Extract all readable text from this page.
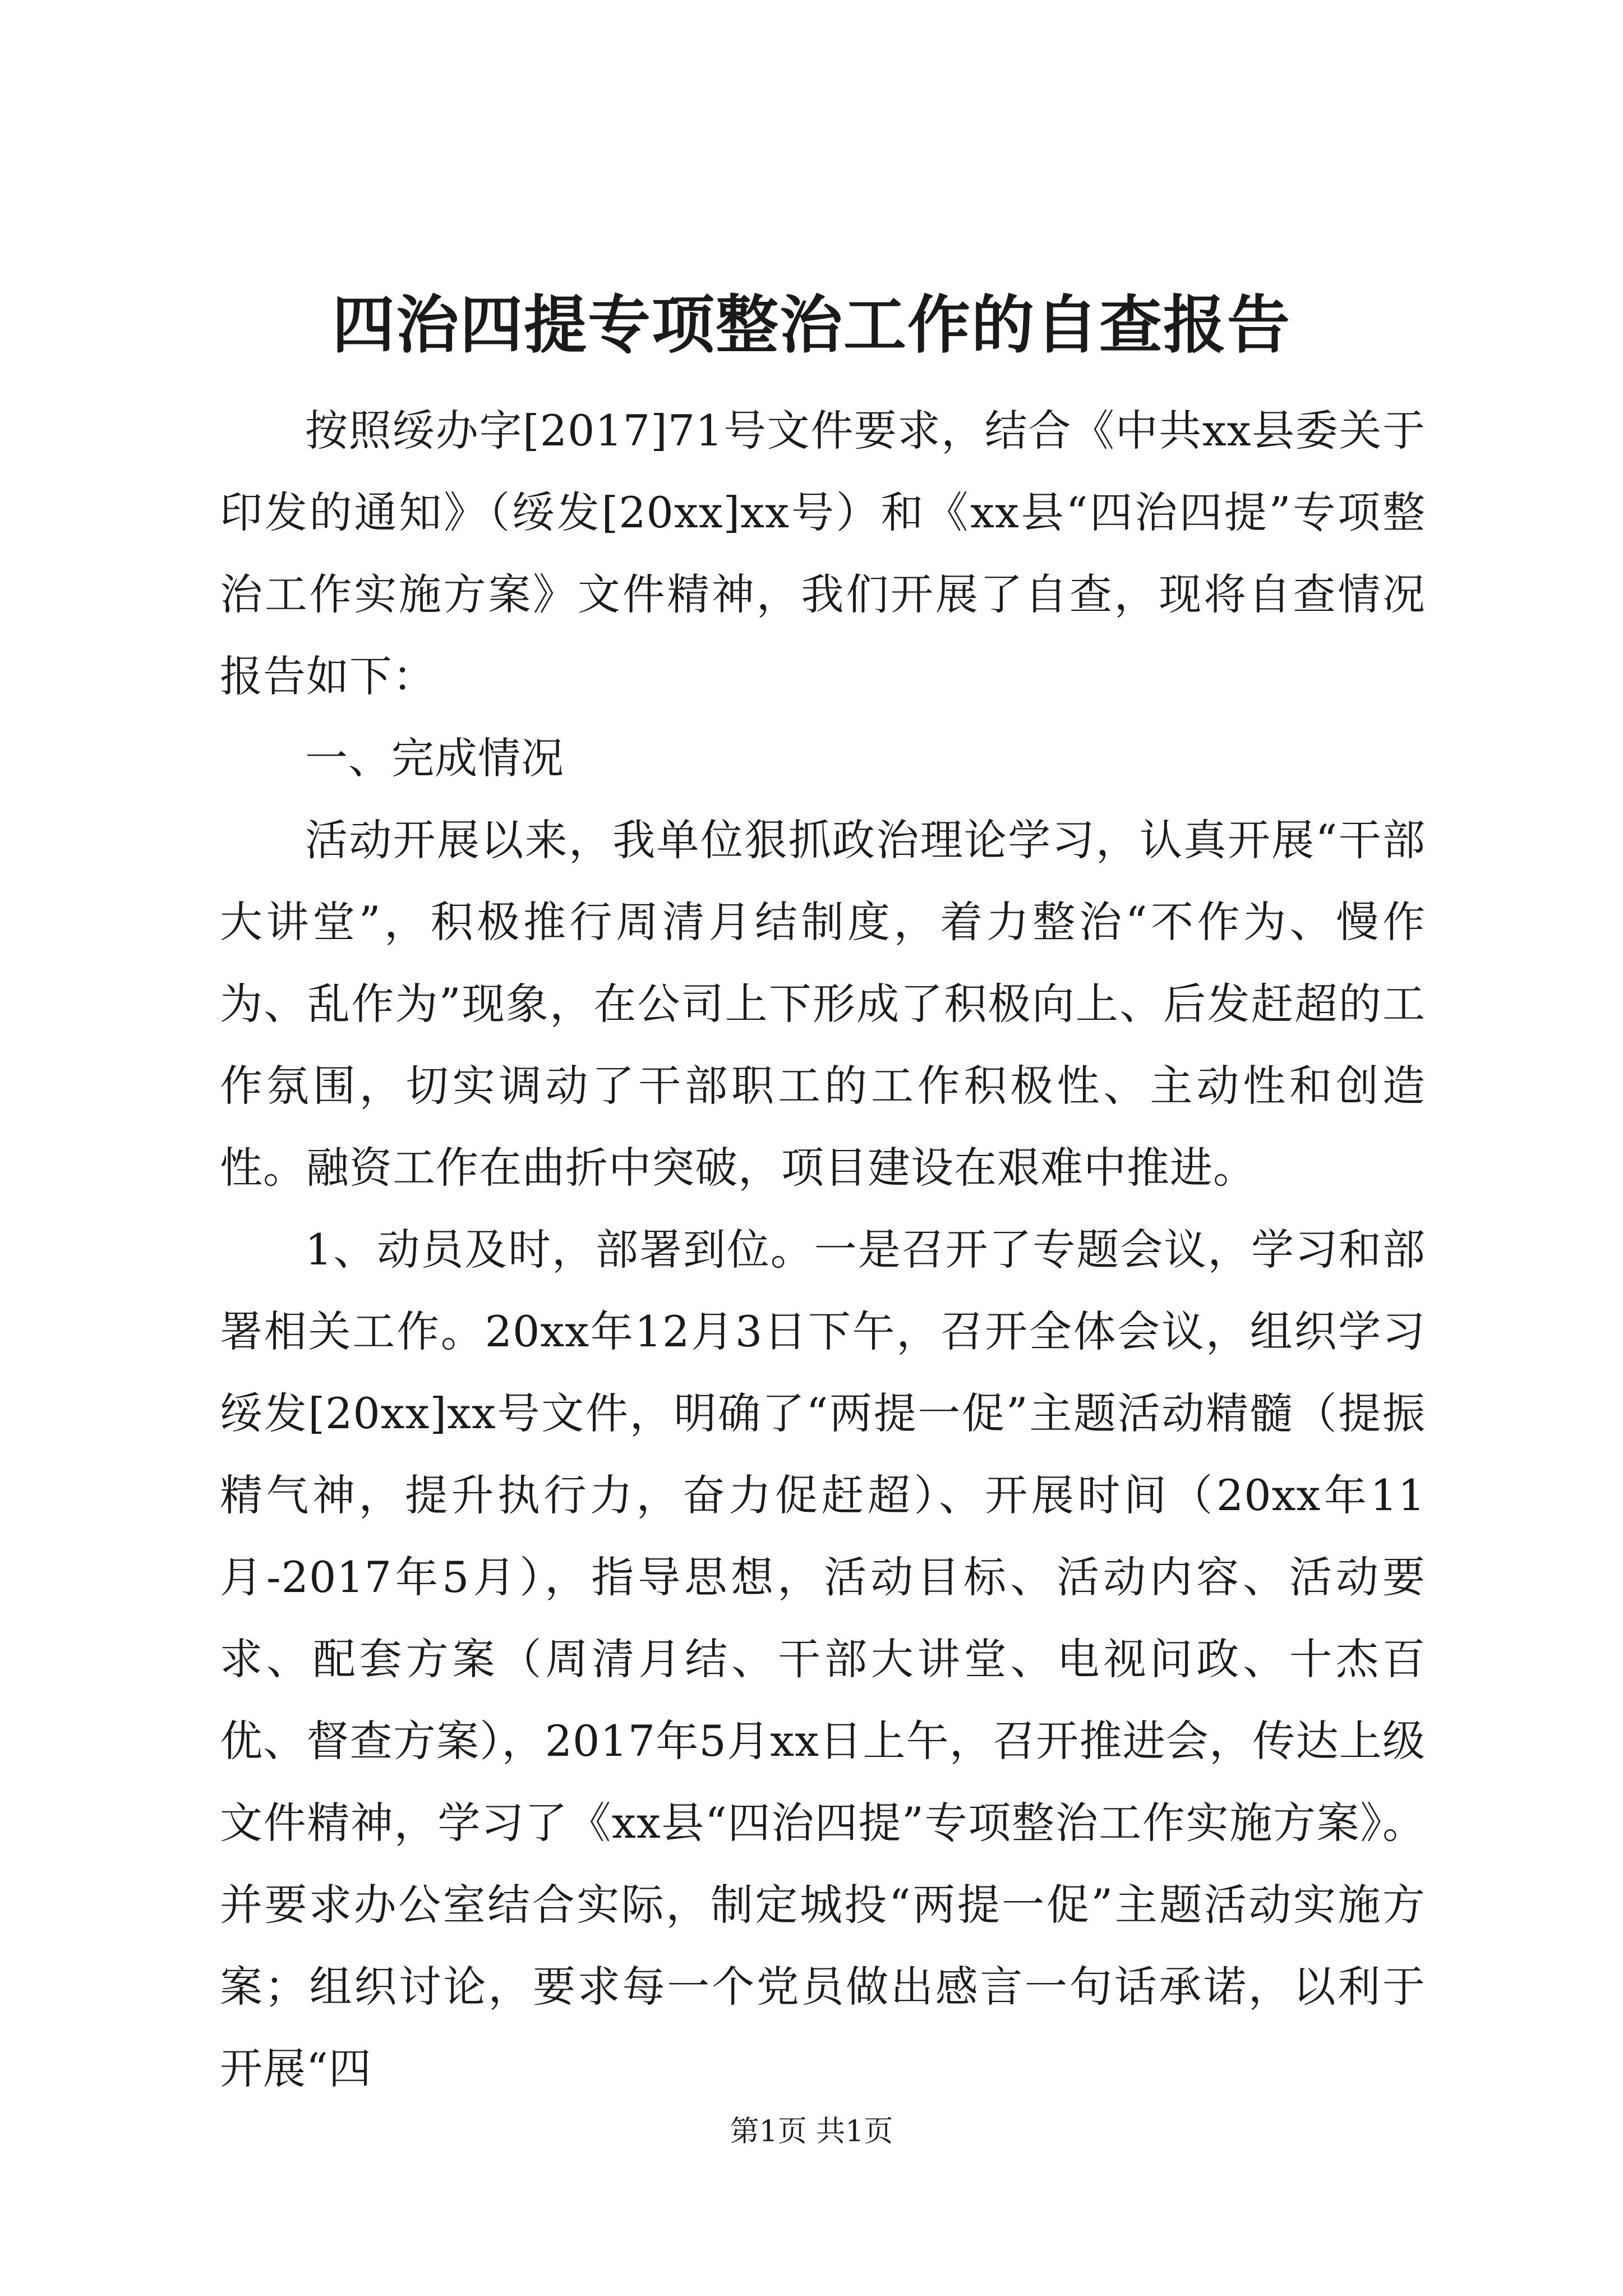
四治四提专项整治工作的自查报告

按照绥办字[2017]71号文件要求，结合《中共xx县委关于印发的通知》（绥发[20xx]xx号）和《xx县“四治四提”专项整治工作实施方案》文件精神，我们开展了自查，现将自查情况报告如下：

一、完成情况

活动开展以来，我单位狠抓政治理论学习，认真开展“干部大讲堂”，积极推行周清月结制度，着力整治“不作为、慢作为、乱作为”现象，在公司上下形成了积极向上、后发赶超的工作氛围，切实调动了干部职工的工作积极性、主动性和创造性。融资工作在曲折中突破，项目建设在艰难中推进。

1、动员及时，部署到位。一是召开了专题会议，学习和部署相关工作。20xx年12月3日下午，召开全体会议，组织学习绥发[20xx]xx号文件，明确了“两提一促”主题活动精髓（提振精气神，提升执行力，奋力促赶超）、开展时间（20xx年11月-2017年5月），指导思想，活动目标、活动内容、活动要求、配套方案（周清月结、干部大讲堂、电视问政、十杰百优、督查方案），2017年5月xx日上午，召开推进会，传达上级文件精神，学习了《xx县“四治四提”专项整治工作实施方案》。并要求办公室结合实际，制定城投“两提一促”主题活动实施方案；组织讨论，要求每一个党员做出感言一句话承诺，以利于开展“四

第1页 共1页
